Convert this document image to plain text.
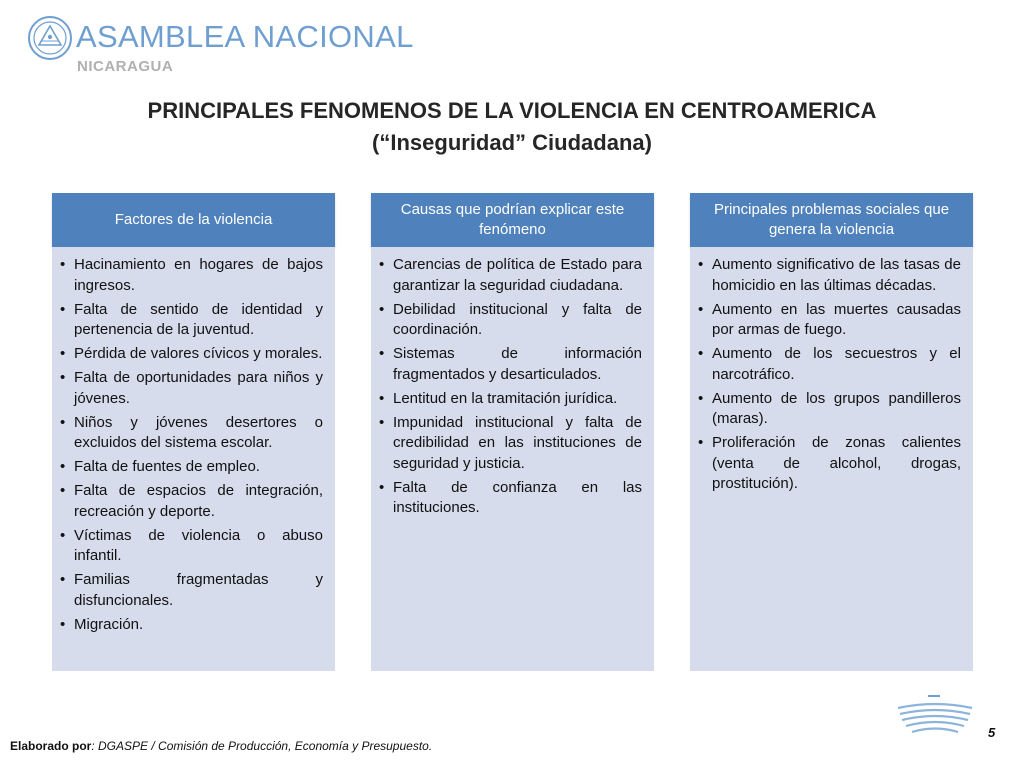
ASAMBLEA NACIONAL
NICARAGUA
PRINCIPALES FENOMENOS DE LA VIOLENCIA EN CENTROAMERICA
(“Inseguridad” Ciudadana)
Factores de la violencia
• Hacinamiento en hogares de bajos ingresos.
• Falta de sentido de identidad y pertenencia de la juventud.
• Pérdida de valores cívicos y morales.
• Falta de oportunidades para niños y jóvenes.
• Niños y jóvenes desertores o excluidos del sistema escolar.
• Falta de fuentes de empleo.
• Falta de espacios de integración, recreación y deporte.
• Víctimas de violencia o abuso infantil.
• Familias fragmentadas y disfuncionales.
• Migración.
Causas que podrían explicar este fenómeno
• Carencias de política de Estado para garantizar la seguridad ciudadana.
• Debilidad institucional y falta de coordinación.
• Sistemas de información fragmentados y desarticulados.
• Lentitud en la tramitación jurídica.
• Impunidad institucional y falta de credibilidad en las instituciones de seguridad y justicia.
• Falta de confianza en las instituciones.
Principales problemas sociales que genera la violencia
• Aumento significativo de las tasas de homicidio en las últimas décadas.
• Aumento en las muertes causadas por armas de fuego.
• Aumento de los secuestros y el narcotráfico.
• Aumento de los grupos pandilleros (maras).
• Proliferación de zonas calientes (venta de alcohol, drogas, prostitución).
Elaborado por: DGASPE / Comisión de Producción, Economía y Presupuesto.
5
